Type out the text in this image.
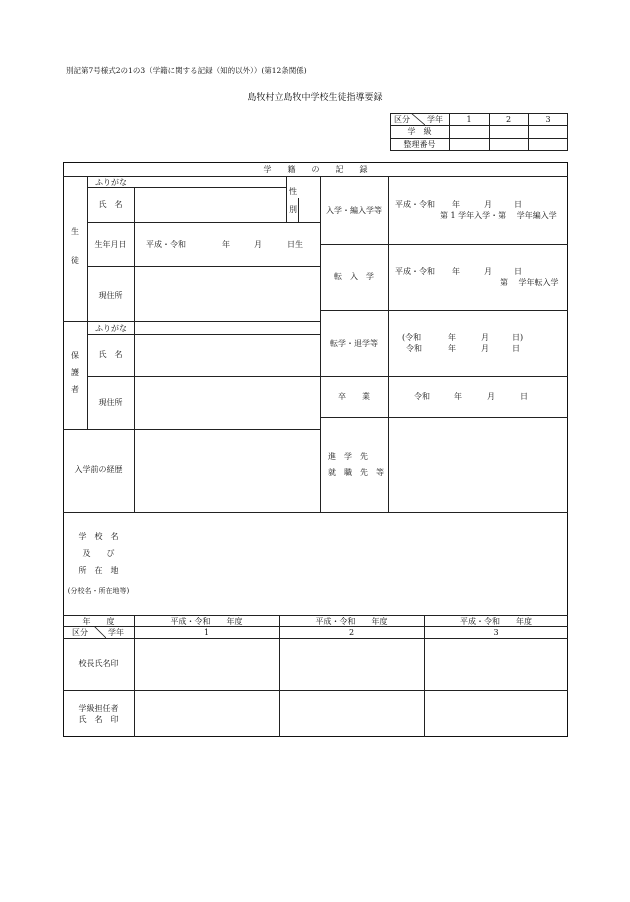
別記第7号様式2の1の3（学籍に関する記録（知的以外））(第12条関係)
島牧村立島牧中学校生徒指導要録
区分 学年	1	2	3
学　級
整理番号
学　　籍　　の　　記　　録
生
徒
ふりがな
氏　名
性
別
生年月日	平成・令和	年	月	日生
現住所
保
護
者
ふりがな
氏　名
現住所
入学前の経歴
入学・編入学等
平成・令和 年	月	日
第 1 学年入学・第　 学年編入学
転　入　学
平成・令和 年	月	日
第　 学年転入学
転学・退学等
(令和	年	月	日)
令和	年	月	日
卒　　業	令和	年	月	日
進　学　先
就　職　先　等
学　校　名
及　　び
所　在　地
(分校名・所在地等)
年　　度	平成・令和　　年度	平成・令和　　年度	平成・令和　　年度
区分	学年	1	2	3
校長氏名印
学級担任者
氏　名　印
